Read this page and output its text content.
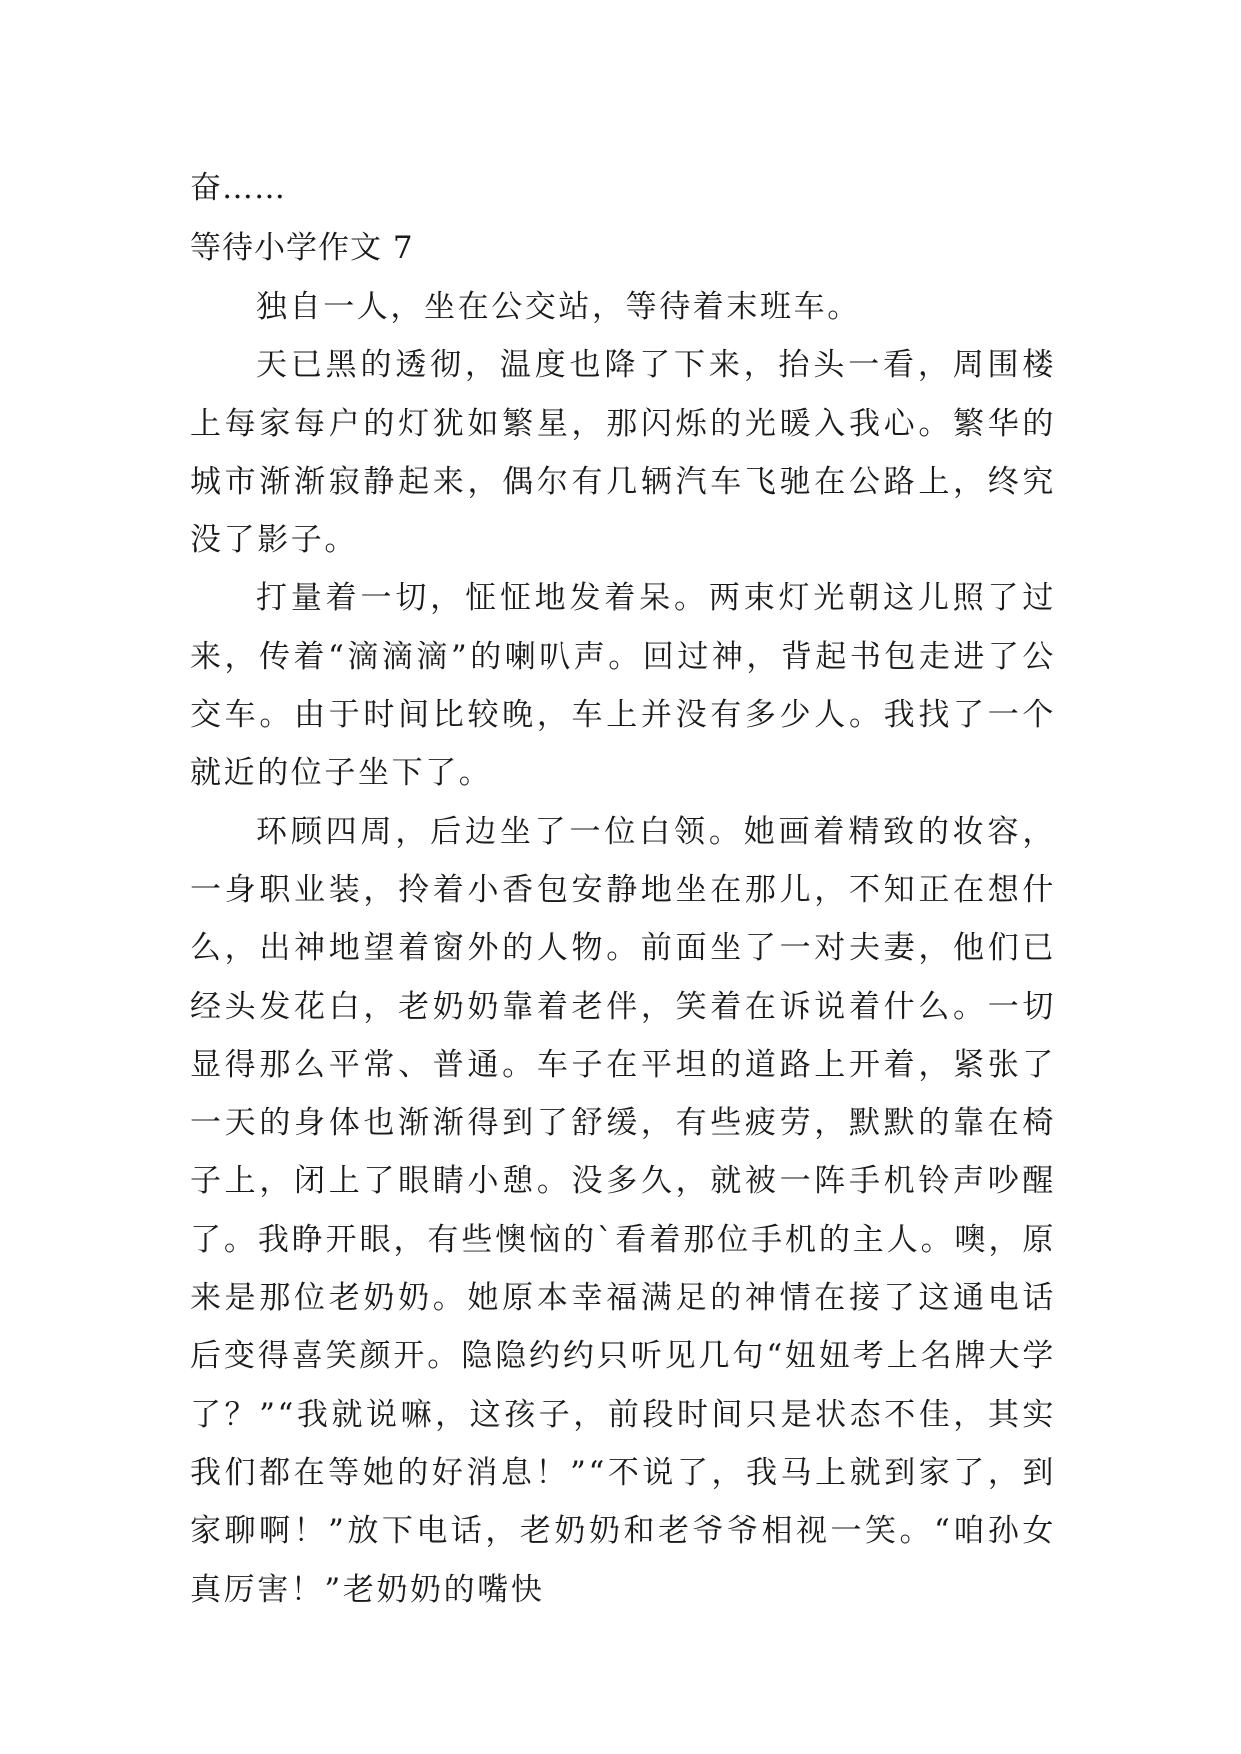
奋……
等待小学作文 7

独自一人，坐在公交站，等待着末班车。

天已黑的透彻，温度也降了下来，抬头一看，周围楼上每家每户的灯犹如繁星，那闪烁的光暖入我心。繁华的城市渐渐寂静起来，偶尔有几辆汽车飞驰在公路上，终究没了影子。

打量着一切，怔怔地发着呆。两束灯光朝这儿照了过来，传着“滴滴滴”的喇叭声。回过神，背起书包走进了公交车。由于时间比较晚，车上并没有多少人。我找了一个就近的位子坐下了。

环顾四周，后边坐了一位白领。她画着精致的妆容，一身职业装，拎着小香包安静地坐在那儿，不知正在想什么，出神地望着窗外的人物。前面坐了一对夫妻，他们已经头发花白，老奶奶靠着老伴，笑着在诉说着什么。一切显得那么平常、普通。车子在平坦的道路上开着，紧张了一天的身体也渐渐得到了舒缓，有些疲劳，默默的靠在椅子上，闭上了眼睛小憩。没多久，就被一阵手机铃声吵醒了。我睁开眼，有些懊恼的`看着那位手机的主人。噢，原来是那位老奶奶。她原本幸福满足的神情在接了这通电话后变得喜笑颜开。隐隐约约只听见几句“妞妞考上名牌大学了？”“我就说嘛，这孩子，前段时间只是状态不佳，其实我们都在等她的好消息！”“不说了，我马上就到家了，到家聊啊！”放下电话，老奶奶和老爷爷相视一笑。“咱孙女真厉害！”老奶奶的嘴快
